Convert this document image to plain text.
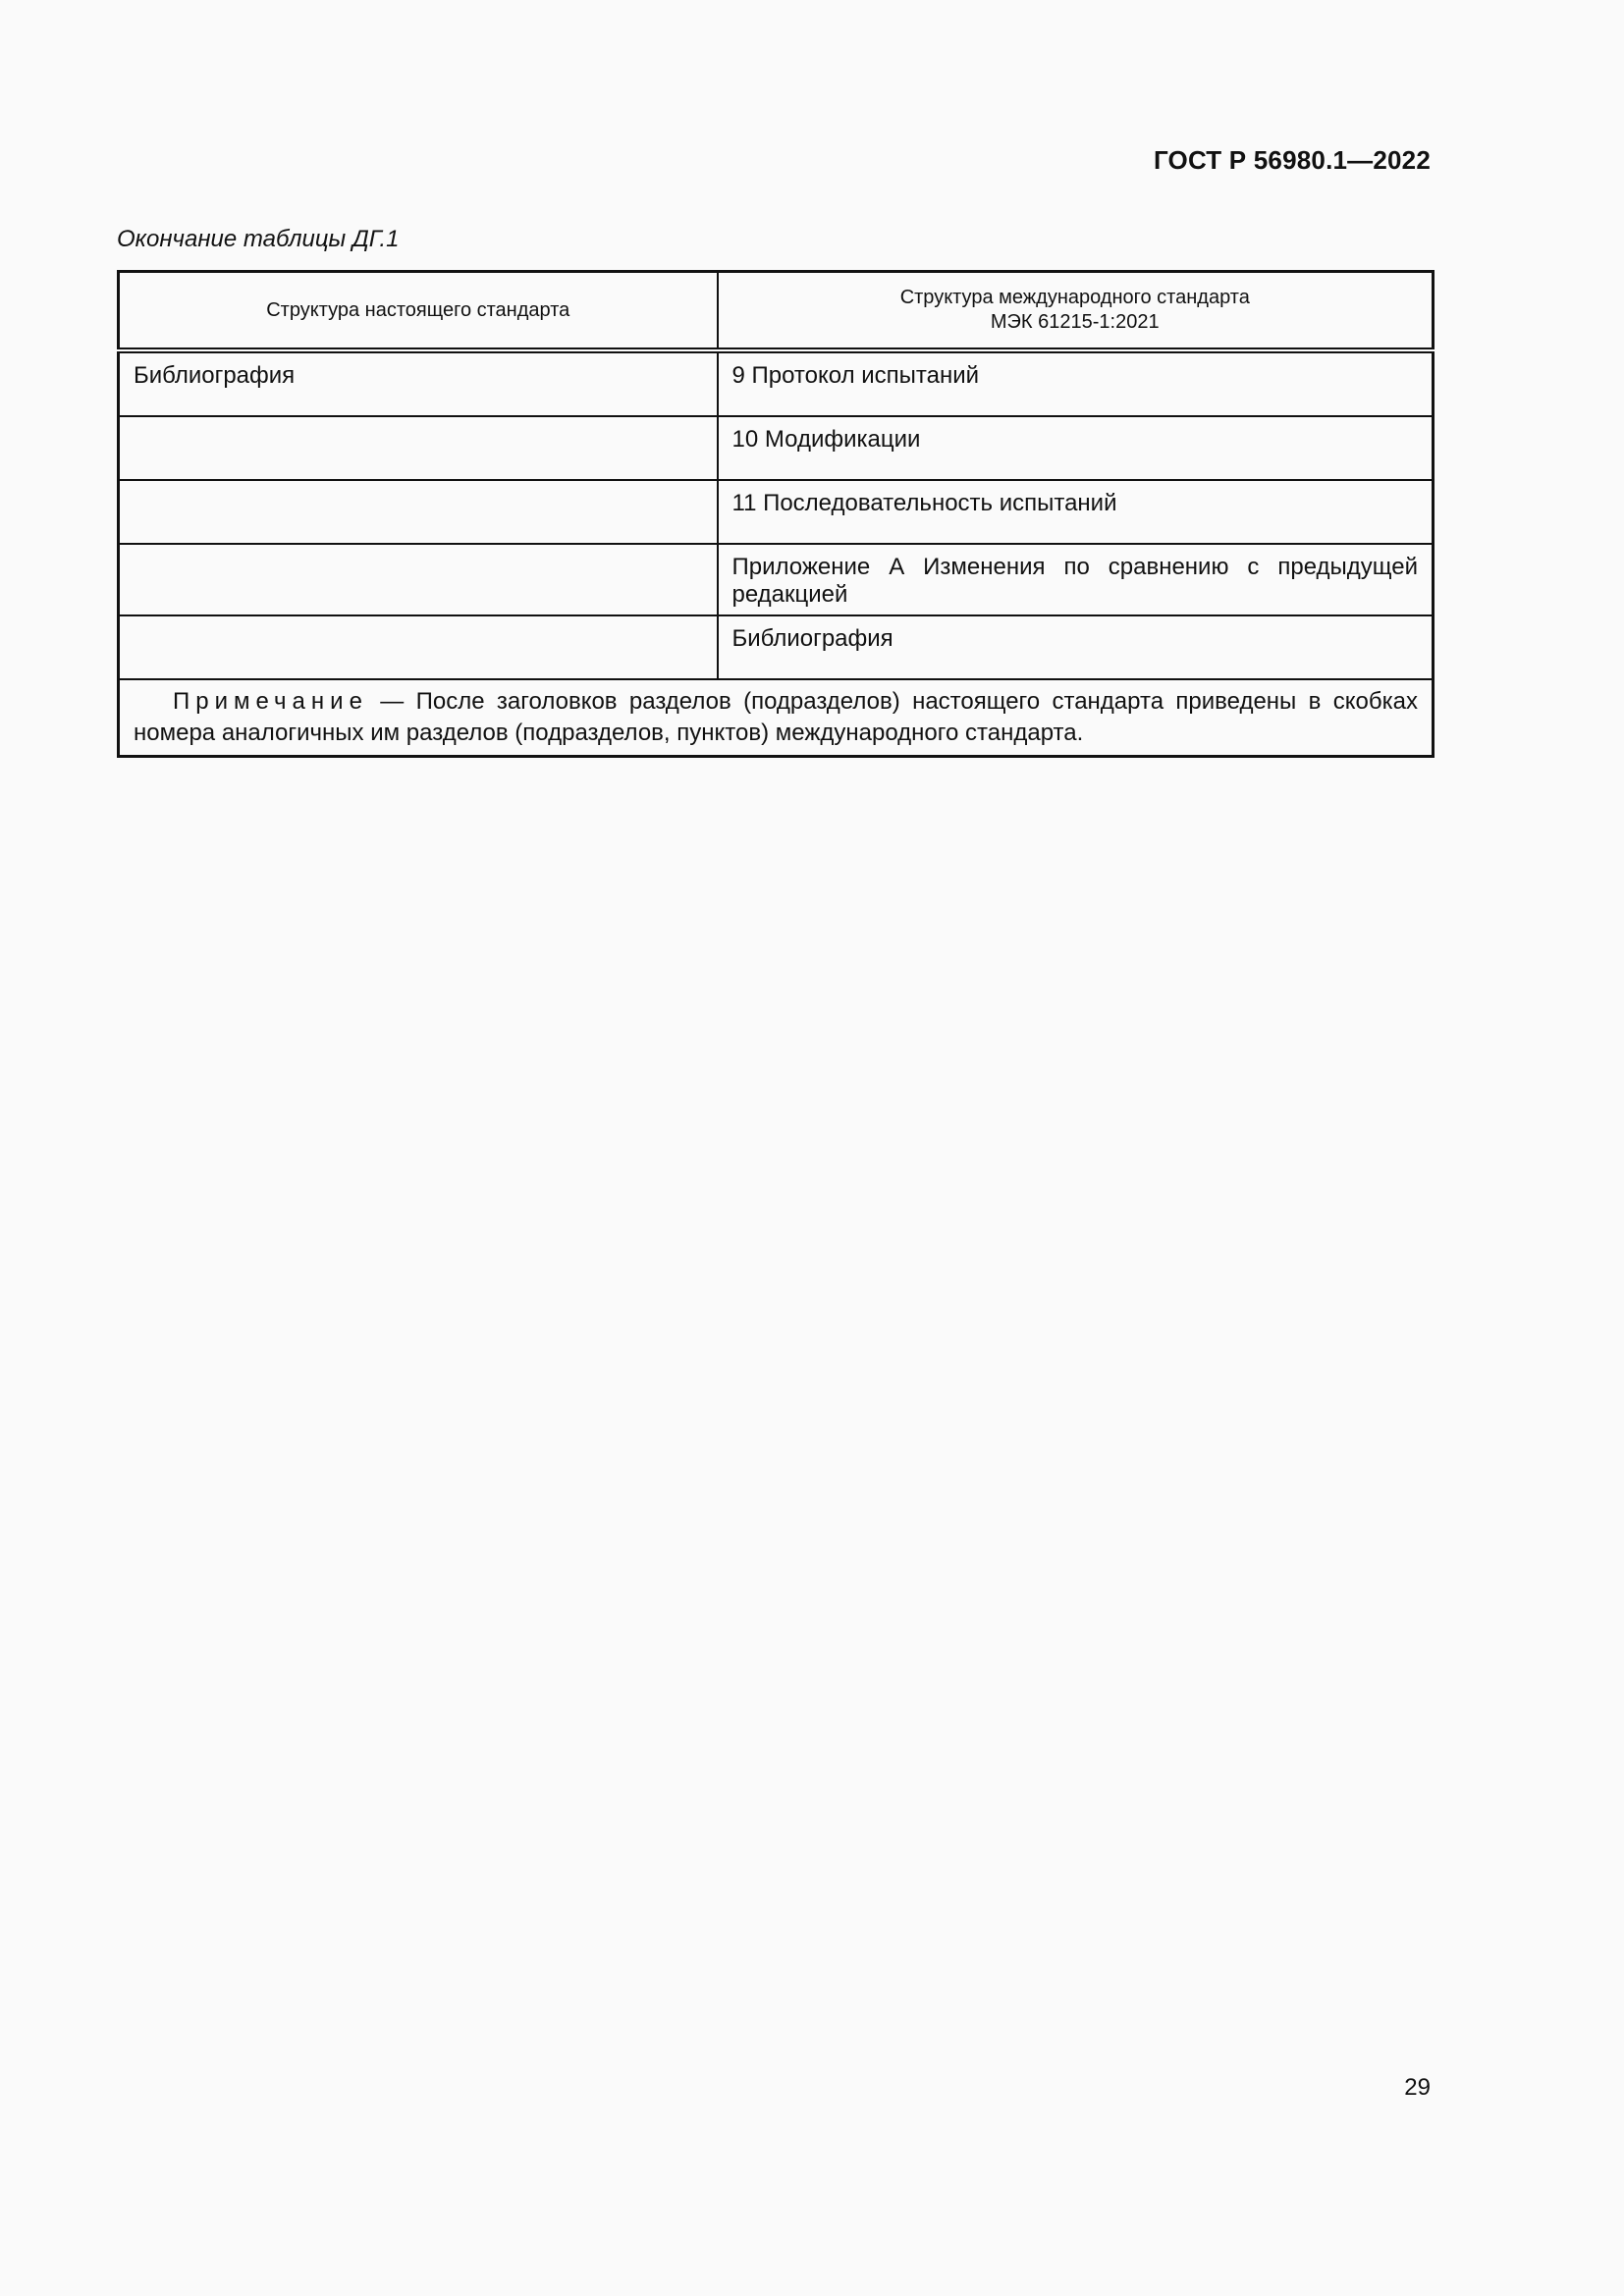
ГОСТ Р 56980.1—2022
Окончание таблицы ДГ.1
Структура настоящего стандарта	Структура международного стандарта
МЭК 61215-1:2021

Библиография	9 Протокол испытаний
	10 Модификации
	11 Последовательность испытаний
	Приложение А Изменения по сравнению с предыдущей редакцией
	Библиография
Примечание — После заголовков разделов (подразделов) настоящего стандарта приведены в скобках номера аналогичных им разделов (подразделов, пунктов) международного стандарта.	
29
